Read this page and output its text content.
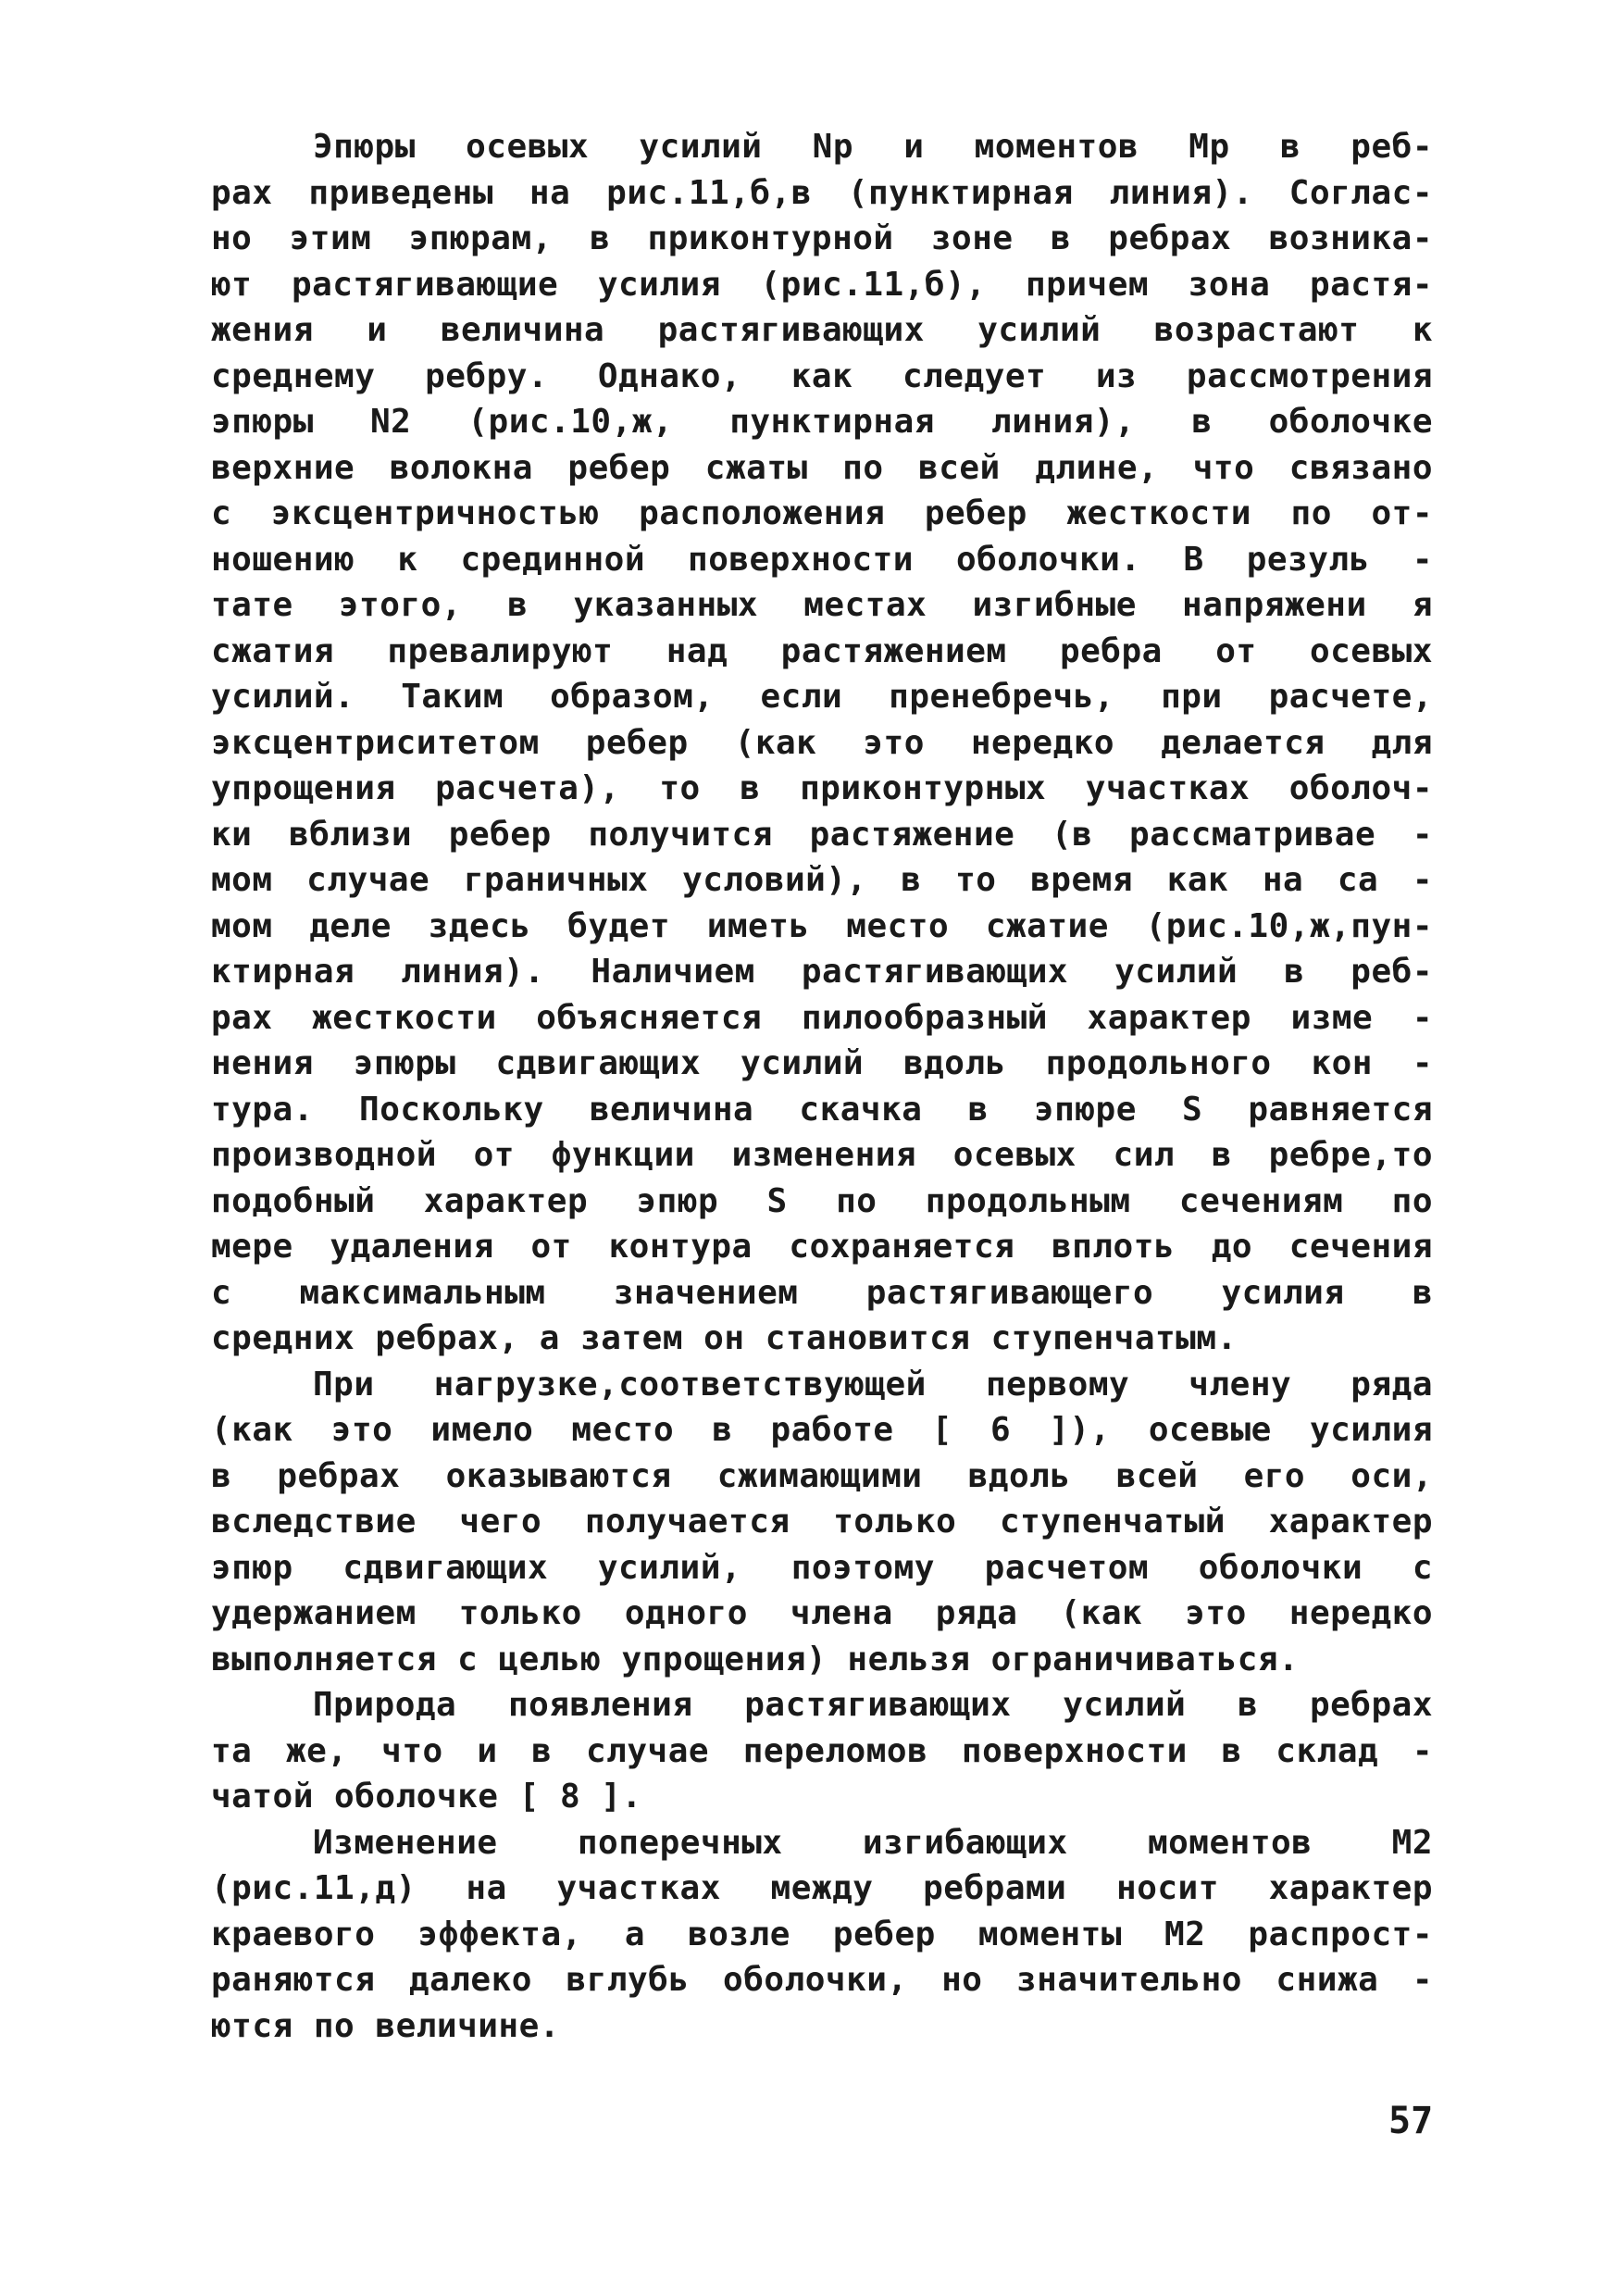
Эпюры осевых усилий Nр и моментов Mр в реб-
рах приведены на рис.11,б,в (пунктирная линия). Соглас-
но этим эпюрам, в приконтурной зоне в ребрах возника-
ют растягивающие усилия (рис.11,б), причем зона растя-
жения и величина растягивающих усилий возрастают к
среднему ребру. Однако, как следует из рассмотрения
эпюры N2 (рис.10,ж, пунктирная линия), в оболочке
верхние волокна ребер сжаты по всей длине, что связано
с эксцентричностью расположения ребер жесткости по от-
ношению к срединной поверхности оболочки. В резуль -
тате этого, в указанных местах изгибные напряжени я
сжатия превалируют над растяжением ребра от осевых
усилий. Таким образом, если пренебречь, при расчете,
эксцентриситетом ребер (как это нередко делается для
упрощения расчета), то в приконтурных участках оболоч-
ки вблизи ребер получится растяжение (в рассматривае -
мом случае граничных условий), в то время как на са -
мом деле здесь будет иметь место сжатие (рис.10,ж,пун-
ктирная линия). Наличием растягивающих усилий в реб-
рах жесткости объясняется пилообразный характер изме -
нения эпюры сдвигающих усилий вдоль продольного кон -
тура. Поскольку величина скачка в эпюре S равняется
производной от функции изменения осевых сил в ребре,то
подобный характер эпюр S по продольным сечениям по
мере удаления от контура сохраняется вплоть до сечения
с максимальным значением растягивающего усилия в
средних ребрах, а затем он становится ступенчатым.
При нагрузке,соответствующей первому члену ряда
(как это имело место в работе [ 6 ]), осевые усилия
в ребрах оказываются сжимающими вдоль всей его оси,
вследствие чего получается только ступенчатый характер
эпюр сдвигающих усилий, поэтому расчетом оболочки с
удержанием только одного члена ряда (как это нередко
выполняется с целью упрощения) нельзя ограничиваться.
Природа появления растягивающих усилий в ребрах
та же, что и в случае переломов поверхности в склад -
чатой оболочке [ 8 ].
Изменение поперечных изгибающих моментов M2
(рис.11,д) на участках между ребрами носит характер
краевого эффекта, а возле ребер моменты M2 распрост-
раняются далеко вглубь оболочки, но значительно снижа -
ются по величине.
57
